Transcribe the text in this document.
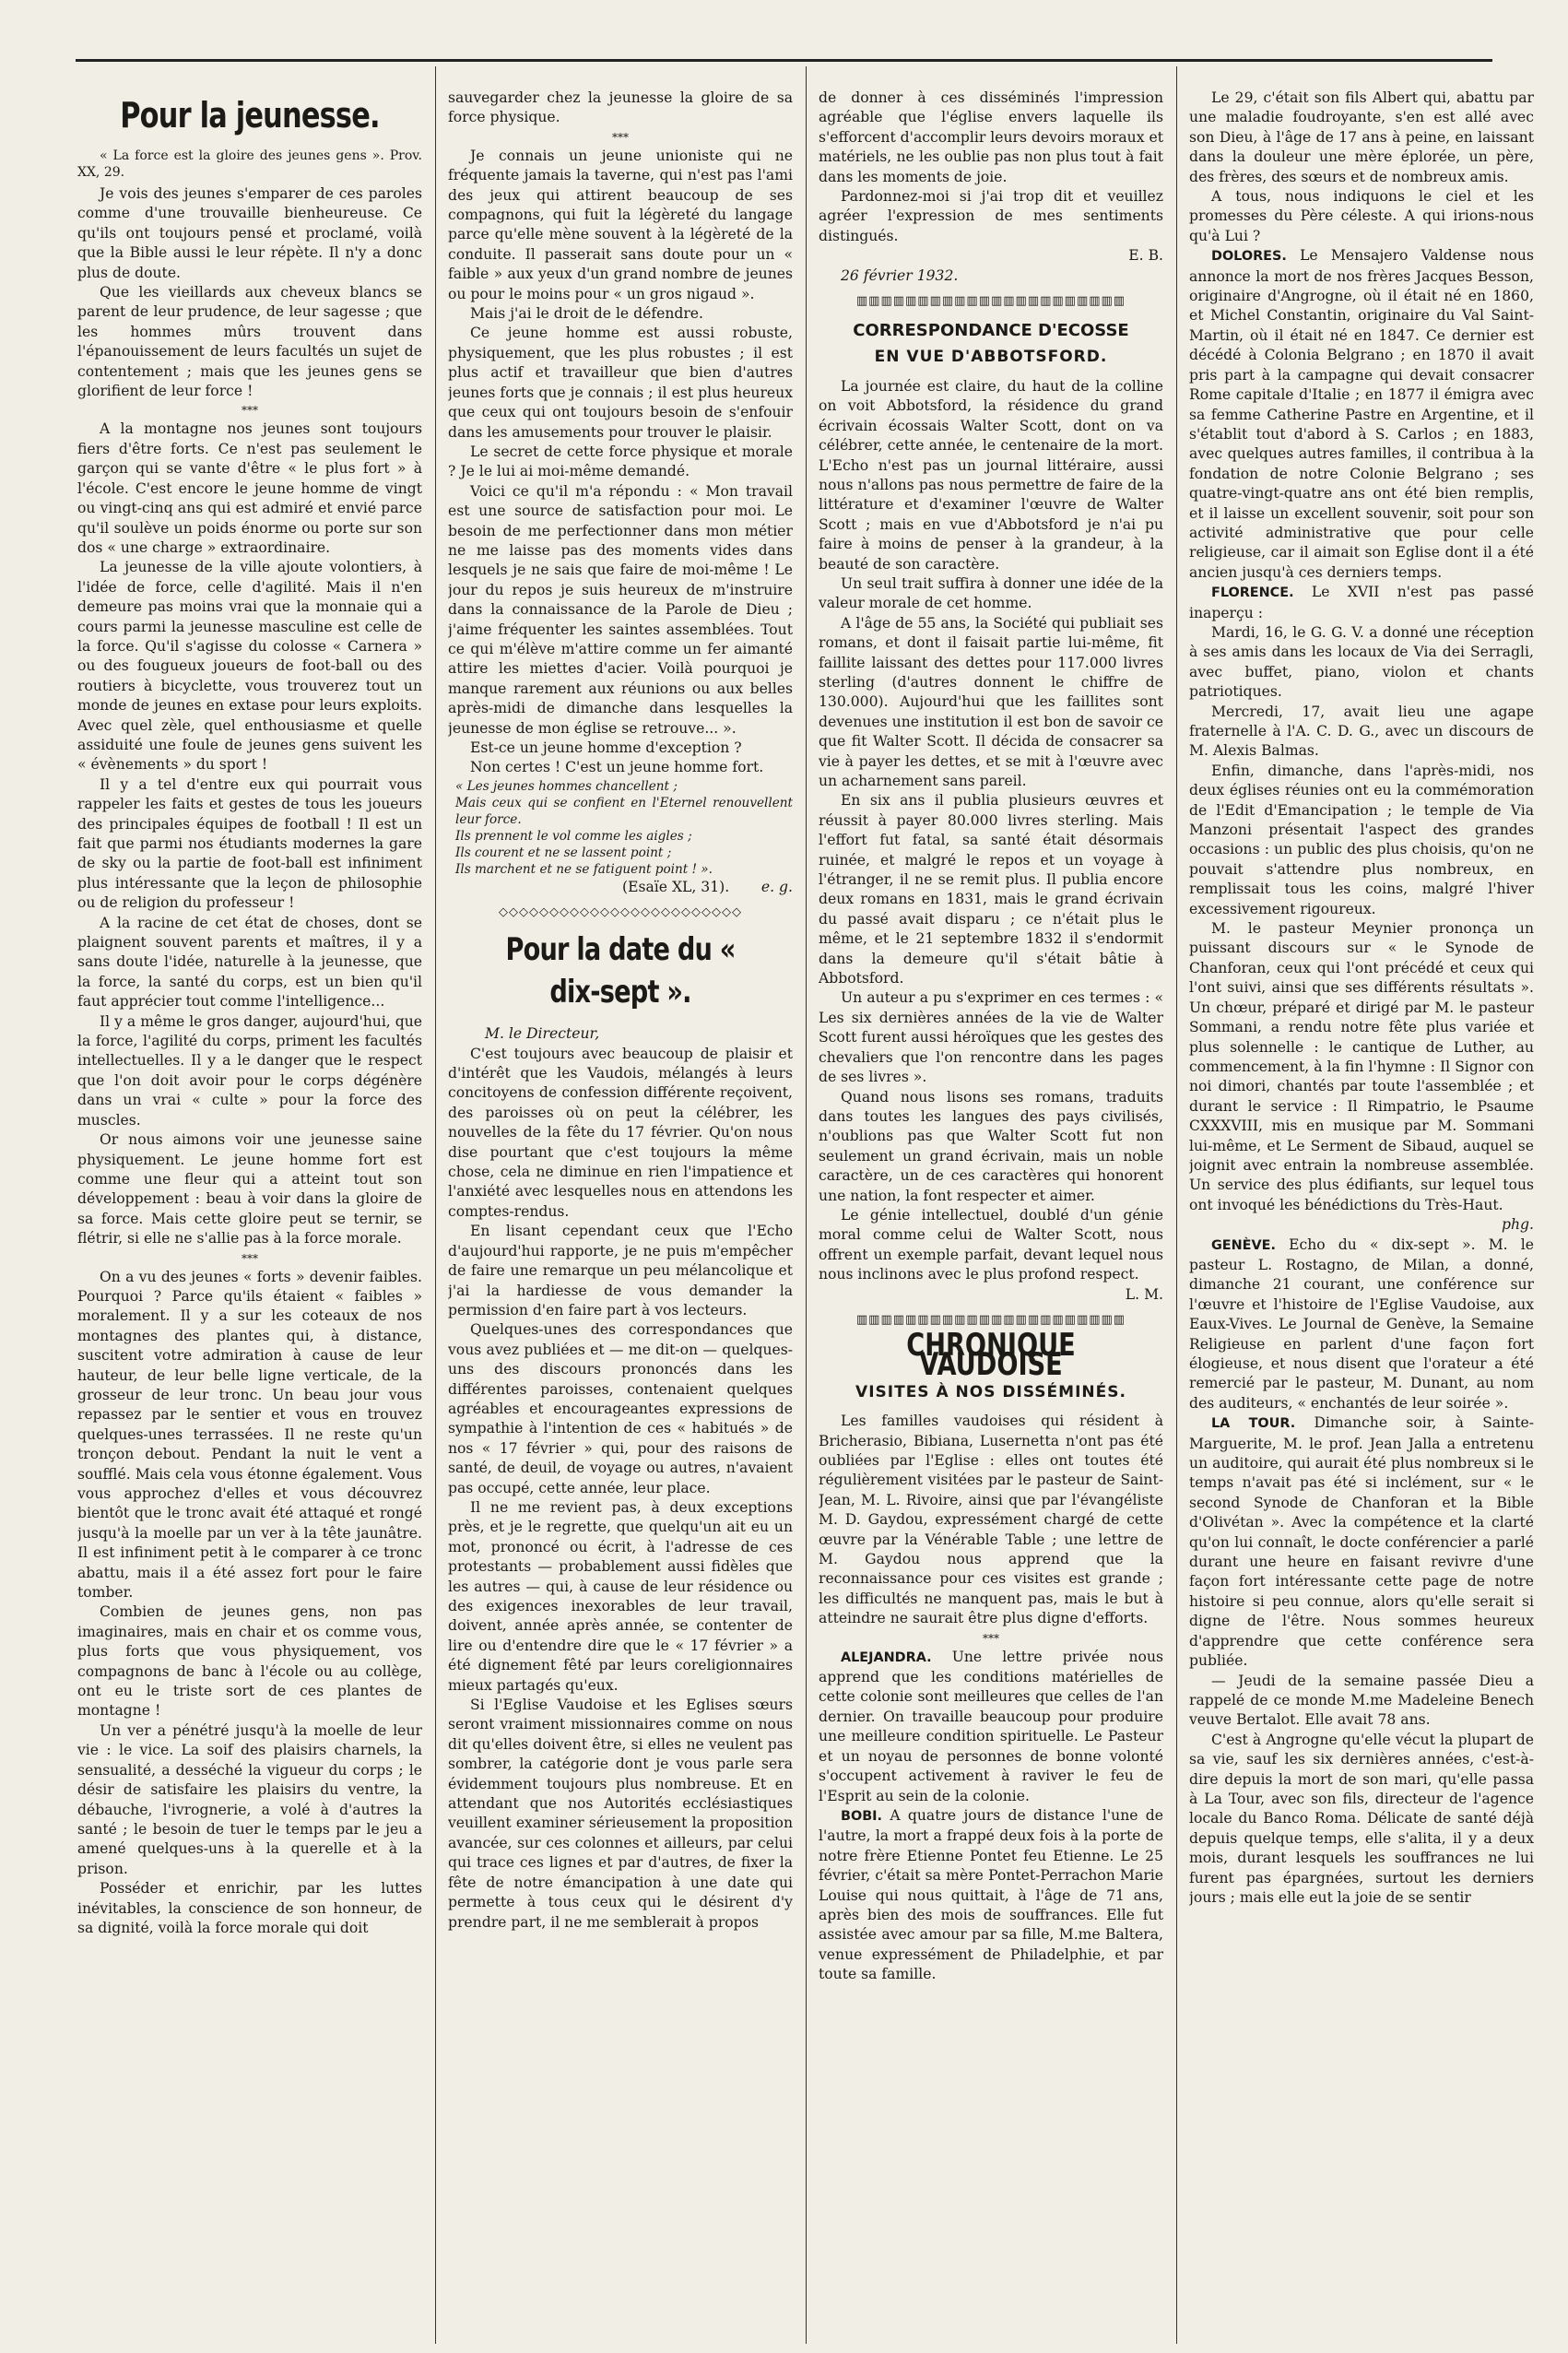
Pour la jeunesse.

« La force est la gloire des jeunes gens ». Prov. XX, 29.

Je vois des jeunes s'emparer de ces paroles comme d'une trouvaille bienheureuse. Ce qu'ils ont toujours pensé et proclamé, voilà que la Bible aussi le leur répète. Il n'y a donc plus de doute.

Que les vieillards aux cheveux blancs se parent de leur prudence, de leur sagesse ; que les hommes mûrs trouvent dans l'épanouissement de leurs facultés un sujet de contentement ; mais que les jeunes gens se glorifient de leur force !

***

A la montagne nos jeunes sont toujours fiers d'être forts. Ce n'est pas seulement le garçon qui se vante d'être « le plus fort » à l'école. C'est encore le jeune homme de vingt ou vingt-cinq ans qui est admiré et envié parce qu'il soulève un poids énorme ou porte sur son dos « une charge » extraordinaire.

La jeunesse de la ville ajoute volontiers, à l'idée de force, celle d'agilité. Mais il n'en demeure pas moins vrai que la monnaie qui a cours parmi la jeunesse masculine est celle de la force. Qu'il s'agisse du colosse « Carnera » ou des fougueux joueurs de foot-ball ou des routiers à bicyclette, vous trouverez tout un monde de jeunes en extase pour leurs exploits. Avec quel zèle, quel enthousiasme et quelle assiduité une foule de jeunes gens suivent les « évènements » du sport !

Il y a tel d'entre eux qui pourrait vous rappeler les faits et gestes de tous les joueurs des principales équipes de football ! Il est un fait que parmi nos étudiants modernes la gare de sky ou la partie de foot-ball est infiniment plus intéressante que la leçon de philosophie ou de religion du professeur !

A la racine de cet état de choses, dont se plaignent souvent parents et maîtres, il y a sans doute l'idée, naturelle à la jeunesse, que la force, la santé du corps, est un bien qu'il faut apprécier tout comme l'intelligence...

Il y a même le gros danger, aujourd'hui, que la force, l'agilité du corps, priment les facultés intellectuelles. Il y a le danger que le respect que l'on doit avoir pour le corps dégénère dans un vrai « culte » pour la force des muscles.

Or nous aimons voir une jeunesse saine physiquement. Le jeune homme fort est comme une fleur qui a atteint tout son développement : beau à voir dans la gloire de sa force. Mais cette gloire peut se ternir, se flétrir, si elle ne s'allie pas à la force morale.

***

On a vu des jeunes « forts » devenir faibles. Pourquoi ? Parce qu'ils étaient « faibles » moralement. Il y a sur les coteaux de nos montagnes des plantes qui, à distance, suscitent votre admiration à cause de leur hauteur, de leur belle ligne verticale, de la grosseur de leur tronc. Un beau jour vous repassez par le sentier et vous en trouvez quelques-unes terrassées. Il ne reste qu'un tronçon debout. Pendant la nuit le vent a soufflé. Mais cela vous étonne également. Vous vous approchez d'elles et vous découvrez bientôt que le tronc avait été attaqué et rongé jusqu'à la moelle par un ver à la tête jaunâtre. Il est infiniment petit à le comparer à ce tronc abattu, mais il a été assez fort pour le faire tomber.

Combien de jeunes gens, non pas imaginaires, mais en chair et os comme vous, plus forts que vous physiquement, vos compagnons de banc à l'école ou au collège, ont eu le triste sort de ces plantes de montagne !

Un ver a pénétré jusqu'à la moelle de leur vie : le vice. La soif des plaisirs charnels, la sensualité, a desséché la vigueur du corps ; le désir de satisfaire les plaisirs du ventre, la débauche, l'ivrognerie, a volé à d'autres la santé ; le besoin de tuer le temps par le jeu a amené quelques-uns à la querelle et à la prison.

Posséder et enrichir, par les luttes inévitables, la conscience de son honneur, de sa dignité, voilà la force morale qui doit

sauvegarder chez la jeunesse la gloire de sa force physique.

***

Je connais un jeune unioniste qui ne fréquente jamais la taverne, qui n'est pas l'ami des jeux qui attirent beaucoup de ses compagnons, qui fuit la légèreté du langage parce qu'elle mène souvent à la légèreté de la conduite. Il passerait sans doute pour un « faible » aux yeux d'un grand nombre de jeunes ou pour le moins pour « un gros nigaud ».

Mais j'ai le droit de le défendre.

Ce jeune homme est aussi robuste, physiquement, que les plus robustes ; il est plus actif et travailleur que bien d'autres jeunes forts que je connais ; il est plus heureux que ceux qui ont toujours besoin de s'enfouir dans les amusements pour trouver le plaisir.

Le secret de cette force physique et morale ? Je le lui ai moi-même demandé.

Voici ce qu'il m'a répondu : « Mon travail est une source de satisfaction pour moi. Le besoin de me perfectionner dans mon métier ne me laisse pas des moments vides dans lesquels je ne sais que faire de moi-même ! Le jour du repos je suis heureux de m'instruire dans la connaissance de la Parole de Dieu ; j'aime fréquenter les saintes assemblées. Tout ce qui m'élève m'attire comme un fer aimanté attire les miettes d'acier. Voilà pourquoi je manque rarement aux réunions ou aux belles après-midi de dimanche dans lesquelles la jeunesse de mon église se retrouve... ».

Est-ce un jeune homme d'exception ?

Non certes ! C'est un jeune homme fort.

« Les jeunes hommes chancellent ;

Mais ceux qui se confient en l'Eternel renouvellent leur force.

Ils prennent le vol comme les aigles ;

Ils courent et ne se lassent point ;

Ils marchent et ne se fatiguent point ! ».

(Esaïe XL, 31). e. g.
◇◇◇◇◇◇◇◇◇◇◇◇◇◇◇◇◇◇◇◇◇◇◇◇
Pour la date du « dix-sept ».

M. le Directeur,

C'est toujours avec beaucoup de plaisir et d'intérêt que les Vaudois, mélangés à leurs concitoyens de confession différente reçoivent, des paroisses où on peut la célébrer, les nouvelles de la fête du 17 février. Qu'on nous dise pourtant que c'est toujours la même chose, cela ne diminue en rien l'impatience et l'anxiété avec lesquelles nous en attendons les comptes-rendus.

En lisant cependant ceux que l'Echo d'aujourd'hui rapporte, je ne puis m'empêcher de faire une remarque un peu mélancolique et j'ai la hardiesse de vous demander la permission d'en faire part à vos lecteurs.

Quelques-unes des correspondances que vous avez publiées et — me dit-on — quelques-uns des discours prononcés dans les différentes paroisses, contenaient quelques agréables et encourageantes expressions de sympathie à l'intention de ces « habitués » de nos « 17 février » qui, pour des raisons de santé, de deuil, de voyage ou autres, n'avaient pas occupé, cette année, leur place.

Il ne me revient pas, à deux exceptions près, et je le regrette, que quelqu'un ait eu un mot, prononcé ou écrit, à l'adresse de ces protestants — probablement aussi fidèles que les autres — qui, à cause de leur résidence ou des exigences inexorables de leur travail, doivent, année après année, se contenter de lire ou d'entendre dire que le « 17 février » a été dignement fêté par leurs coreligionnaires mieux partagés qu'eux.

Si l'Eglise Vaudoise et les Eglises sœurs seront vraiment missionnaires comme on nous dit qu'elles doivent être, si elles ne veulent pas sombrer, la catégorie dont je vous parle sera évidemment toujours plus nombreuse. Et en attendant que nos Autorités ecclésiastiques veuillent examiner sérieusement la proposition avancée, sur ces colonnes et ailleurs, par celui qui trace ces lignes et par d'autres, de fixer la fête de notre émancipation à une date qui permette à tous ceux qui le désirent d'y prendre part, il ne me semblerait à propos

de donner à ces disséminés l'impression agréable que l'église envers laquelle ils s'efforcent d'accomplir leurs devoirs moraux et matériels, ne les oublie pas non plus tout à fait dans les moments de joie.

Pardonnez-moi si j'ai trop dit et veuillez agréer l'expression de mes sentiments distingués.

E. B.

26 février 1932.

▥▥▥▥▥▥▥▥▥▥▥▥▥▥▥▥▥▥▥▥▥▥
CORRESPONDANCE D'ECOSSE
EN VUE D'ABBOTSFORD.

La journée est claire, du haut de la colline on voit Abbotsford, la résidence du grand écrivain écossais Walter Scott, dont on va célébrer, cette année, le centenaire de la mort. L'Echo n'est pas un journal littéraire, aussi nous n'allons pas nous permettre de faire de la littérature et d'examiner l'œuvre de Walter Scott ; mais en vue d'Abbotsford je n'ai pu faire à moins de penser à la grandeur, à la beauté de son caractère.

Un seul trait suffira à donner une idée de la valeur morale de cet homme.

A l'âge de 55 ans, la Société qui publiait ses romans, et dont il faisait partie lui-même, fit faillite laissant des dettes pour 117.000 livres sterling (d'autres donnent le chiffre de 130.000). Aujourd'hui que les faillites sont devenues une institution il est bon de savoir ce que fit Walter Scott. Il décida de consacrer sa vie à payer les dettes, et se mit à l'œuvre avec un acharnement sans pareil.

En six ans il publia plusieurs œuvres et réussit à payer 80.000 livres sterling. Mais l'effort fut fatal, sa santé était désormais ruinée, et malgré le repos et un voyage à l'étranger, il ne se remit plus. Il publia encore deux romans en 1831, mais le grand écrivain du passé avait disparu ; ce n'était plus le même, et le 21 septembre 1832 il s'endormit dans la demeure qu'il s'était bâtie à Abbotsford.

Un auteur a pu s'exprimer en ces termes : « Les six dernières années de la vie de Walter Scott furent aussi héroïques que les gestes des chevaliers que l'on rencontre dans les pages de ses livres ».

Quand nous lisons ses romans, traduits dans toutes les langues des pays civilisés, n'oublions pas que Walter Scott fut non seulement un grand écrivain, mais un noble caractère, un de ces caractères qui honorent une nation, la font respecter et aimer.

Le génie intellectuel, doublé d'un génie moral comme celui de Walter Scott, nous offrent un exemple parfait, devant lequel nous nous inclinons avec le plus profond respect.

L. M.
▥▥▥▥▥▥▥▥▥▥▥▥▥▥▥▥▥▥▥▥▥▥
CHRONIQUE VAUDOISE
VISITES À NOS DISSÉMINÉS.

Les familles vaudoises qui résident à Bricherasio, Bibiana, Lusernetta n'ont pas été oubliées par l'Eglise : elles ont toutes été régulièrement visitées par le pasteur de Saint-Jean, M. L. Rivoire, ainsi que par l'évangéliste M. D. Gaydou, expressément chargé de cette œuvre par la Vénérable Table ; une lettre de M. Gaydou nous apprend que la reconnaissance pour ces visites est grande ; les difficultés ne manquent pas, mais le but à atteindre ne saurait être plus digne d'efforts.

***

ALEJANDRA. Une lettre privée nous apprend que les conditions matérielles de cette colonie sont meilleures que celles de l'an dernier. On travaille beaucoup pour produire une meilleure condition spirituelle. Le Pasteur et un noyau de personnes de bonne volonté s'occupent activement à raviver le feu de l'Esprit au sein de la colonie.

BOBI. A quatre jours de distance l'une de l'autre, la mort a frappé deux fois à la porte de notre frère Etienne Pontet feu Etienne. Le 25 février, c'était sa mère Pontet-Perrachon Marie Louise qui nous quittait, à l'âge de 71 ans, après bien des mois de souffrances. Elle fut assistée avec amour par sa fille, M.me Baltera, venue expressément de Philadelphie, et par toute sa famille.

Le 29, c'était son fils Albert qui, abattu par une maladie foudroyante, s'en est allé avec son Dieu, à l'âge de 17 ans à peine, en laissant dans la douleur une mère éplorée, un père, des frères, des sœurs et de nombreux amis.

A tous, nous indiquons le ciel et les promesses du Père céleste. A qui irions-nous qu'à Lui ?

DOLORES. Le Mensajero Valdense nous annonce la mort de nos frères Jacques Besson, originaire d'Angrogne, où il était né en 1860, et Michel Constantin, originaire du Val Saint-Martin, où il était né en 1847. Ce dernier est décédé à Colonia Belgrano ; en 1870 il avait pris part à la campagne qui devait consacrer Rome capitale d'Italie ; en 1877 il émigra avec sa femme Catherine Pastre en Argentine, et il s'établit tout d'abord à S. Carlos ; en 1883, avec quelques autres familles, il contribua à la fondation de notre Colonie Belgrano ; ses quatre-vingt-quatre ans ont été bien remplis, et il laisse un excellent souvenir, soit pour son activité administrative que pour celle religieuse, car il aimait son Eglise dont il a été ancien jusqu'à ces derniers temps.

FLORENCE. Le XVII n'est pas passé inaperçu :

Mardi, 16, le G. G. V. a donné une réception à ses amis dans les locaux de Via dei Serragli, avec buffet, piano, violon et chants patriotiques.

Mercredi, 17, avait lieu une agape fraternelle à l'A. C. D. G., avec un discours de M. Alexis Balmas.

Enfin, dimanche, dans l'après-midi, nos deux églises réunies ont eu la commémoration de l'Edit d'Emancipation ; le temple de Via Manzoni présentait l'aspect des grandes occasions : un public des plus choisis, qu'on ne pouvait s'attendre plus nombreux, en remplissait tous les coins, malgré l'hiver excessivement rigoureux.

M. le pasteur Meynier prononça un puissant discours sur « le Synode de Chanforan, ceux qui l'ont précédé et ceux qui l'ont suivi, ainsi que ses différents résultats ». Un chœur, préparé et dirigé par M. le pasteur Sommani, a rendu notre fête plus variée et plus solennelle : le cantique de Luther, au commencement, à la fin l'hymne : Il Signor con noi dimori, chantés par toute l'assemblée ; et durant le service : Il Rimpatrio, le Psaume CXXXVIII, mis en musique par M. Sommani lui-même, et Le Serment de Sibaud, auquel se joignit avec entrain la nombreuse assemblée. Un service des plus édifiants, sur lequel tous ont invoqué les bénédictions du Très-Haut.

phg.

GENÈVE. Echo du « dix-sept ». M. le pasteur L. Rostagno, de Milan, a donné, dimanche 21 courant, une conférence sur l'œuvre et l'histoire de l'Eglise Vaudoise, aux Eaux-Vives. Le Journal de Genève, la Semaine Religieuse en parlent d'une façon fort élogieuse, et nous disent que l'orateur a été remercié par le pasteur, M. Dunant, au nom des auditeurs, « enchantés de leur soirée ».

LA TOUR. Dimanche soir, à Sainte-Marguerite, M. le prof. Jean Jalla a entretenu un auditoire, qui aurait été plus nombreux si le temps n'avait pas été si inclément, sur « le second Synode de Chanforan et la Bible d'Olivétan ». Avec la compétence et la clarté qu'on lui connaît, le docte conférencier a parlé durant une heure en faisant revivre d'une façon fort intéressante cette page de notre histoire si peu connue, alors qu'elle serait si digne de l'être. Nous sommes heureux d'apprendre que cette conférence sera publiée.

— Jeudi de la semaine passée Dieu a rappelé de ce monde M.me Madeleine Benech veuve Bertalot. Elle avait 78 ans.

C'est à Angrogne qu'elle vécut la plupart de sa vie, sauf les six dernières années, c'est-à-dire depuis la mort de son mari, qu'elle passa à La Tour, avec son fils, directeur de l'agence locale du Banco Roma. Délicate de santé déjà depuis quelque temps, elle s'alita, il y a deux mois, durant lesquels les souffrances ne lui furent pas épargnées, surtout les derniers jours ; mais elle eut la joie de se sentir
